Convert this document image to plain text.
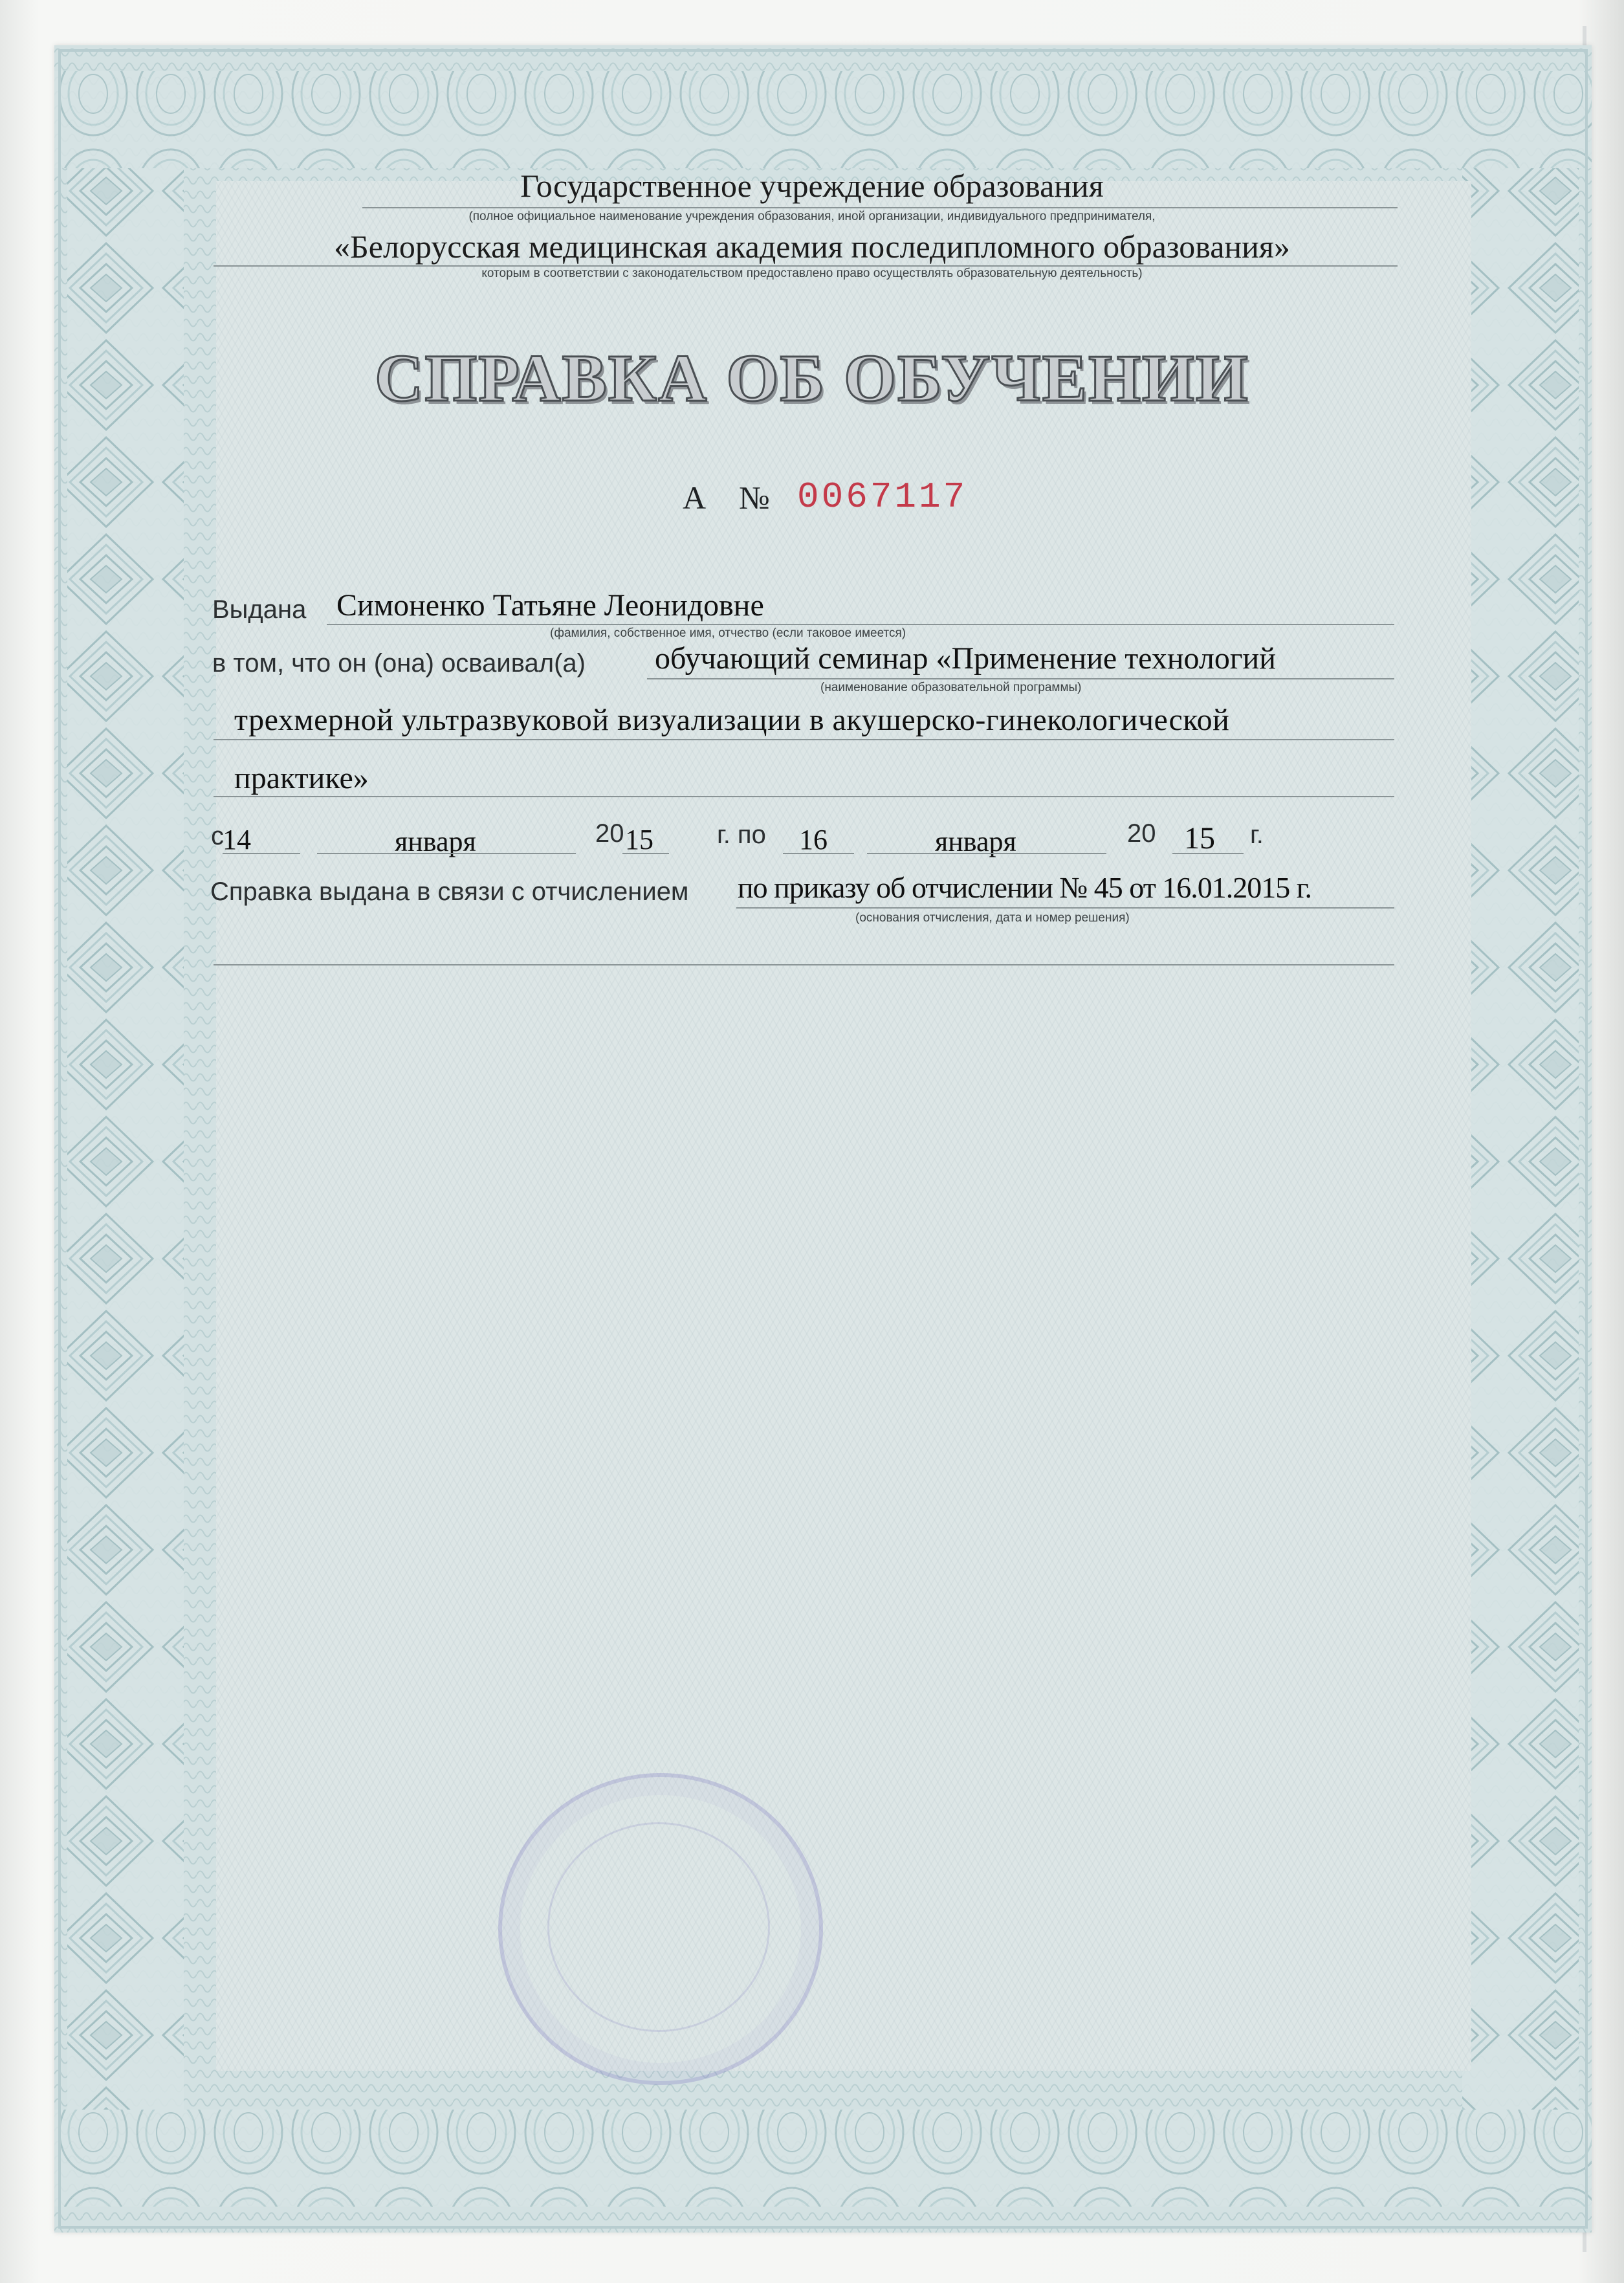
Государственное учреждение образования
(полное официальное наименование учреждения образования, иной организации, индивидуального предпринимателя,
«Белорусская медицинская академия последипломного образования»
которым в соответствии с законодательством предоставлено право осуществлять образовательную деятельность)
СПРАВКА ОБ ОБУЧЕНИИ
А № 0067117
Выдана Симоненко Татьяне Леонидовне
(фамилия, собственное имя, отчество (если таковое имеется)
в том, что он (она) осваивал(а) обучающий семинар «Применение технологий
(наименование образовательной программы)
трехмерной ультразвуковой визуализации в акушерско-гинекологической
практике»
с
14	января	20 15 г. по 16	января	20 15 г.
Справка выдана в связи с отчислением по приказу об отчислении № 45 от 16.01.2015 г.
(основания отчисления, дата и номер решения)
